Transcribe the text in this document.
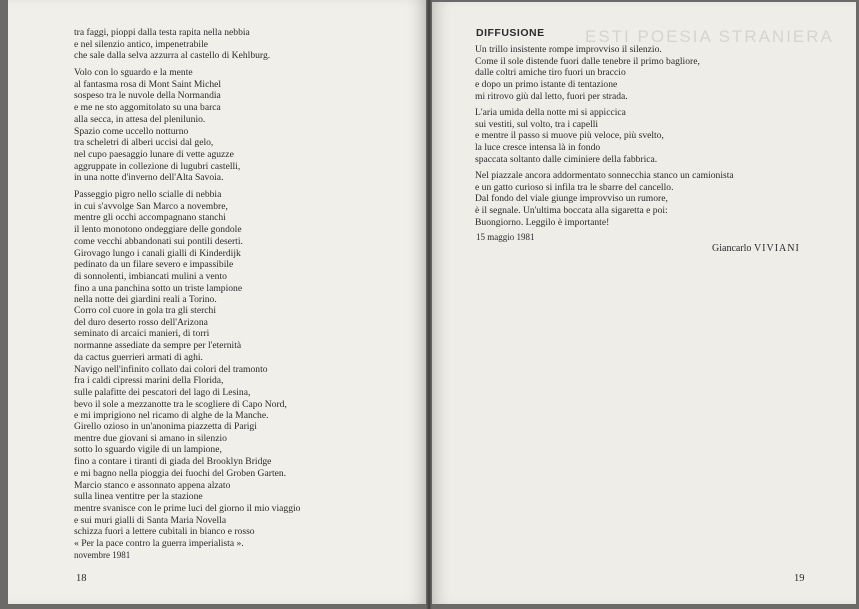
ESTI POESIA STRANIERA
tra faggi, pioppi dalla testa rapita nella nebbia
e nel silenzio antico, impenetrabile
che sale dalla selva azzurra al castello di Kehlburg.
Volo con lo sguardo e la mente
al fantasma rosa di Mont Saint Michel
sospeso tra le nuvole della Normandia
e me ne sto aggomitolato su una barca
alla secca, in attesa del plenilunio.
Spazio come uccello notturno
tra scheletri di alberi uccisi dal gelo,
nel cupo paesaggio lunare di vette aguzze
aggruppate in collezione di lugubri castelli,
in una notte d'inverno dell'Alta Savoia.
Passeggio pigro nello scialle di nebbia
in cui s'avvolge San Marco a novembre,
mentre gli occhi accompagnano stanchi
il lento monotono ondeggiare delle gondole
come vecchi abbandonati sui pontili deserti.
Girovago lungo i canali gialli di Kinderdijk
pedinato da un filare severo e impassibile
di sonnolenti, imbiancati mulini a vento
fino a una panchina sotto un triste lampione
nella notte dei giardini reali a Torino.
Corro col cuore in gola tra gli sterchi
del duro deserto rosso dell'Arizona
seminato di arcaici manieri, di torri
normanne assediate da sempre per l'eternità
da cactus guerrieri armati di aghi.
Navigo nell'infinito collato dai colori del tramonto
fra i caldi cipressi marini della Florida,
sulle palafitte dei pescatori del lago di Lesina,
bevo il sole a mezzanotte tra le scogliere di Capo Nord,
e mi imprigiono nel ricamo di alghe de la Manche.
Girello ozioso in un'anonima piazzetta di Parigi
mentre due giovani si amano in silenzio
sotto lo sguardo vigile di un lampione,
fino a contare i tiranti di giada del Brooklyn Bridge
e mi bagno nella pioggia dei fuochi del Groben Garten.
Marcio stanco e assonnato appena alzato
sulla linea ventitre per la stazione
mentre svanisce con le prime luci del giorno il mio viaggio
e sui muri gialli di Santa Maria Novella
schizza fuori a lettere cubitali in bianco e rosso
« Per la pace contro la guerra imperialista ».
novembre 1981
18
DIFFUSIONE
Un trillo insistente rompe improvviso il silenzio.
Come il sole distende fuori dalle tenebre il primo bagliore,
dalle coltri amiche tiro fuori un braccio
e dopo un primo istante di tentazione
mi ritrovo giù dal letto, fuori per strada.
L'aria umida della notte mi si appiccica
sui vestiti, sul volto, tra i capelli
e mentre il passo si muove più veloce, più svelto,
la luce cresce intensa là in fondo
spaccata soltanto dalle ciminiere della fabbrica.
Nel piazzale ancora addormentato sonnecchia stanco un camionista
e un gatto curioso si infila tra le sbarre del cancello.
Dal fondo del viale giunge improvviso un rumore,
è il segnale. Un'ultima boccata alla sigaretta e poi:
Buongiorno. Leggilo è importante!
15 maggio 1981
Giancarlo VIVIANI
19
